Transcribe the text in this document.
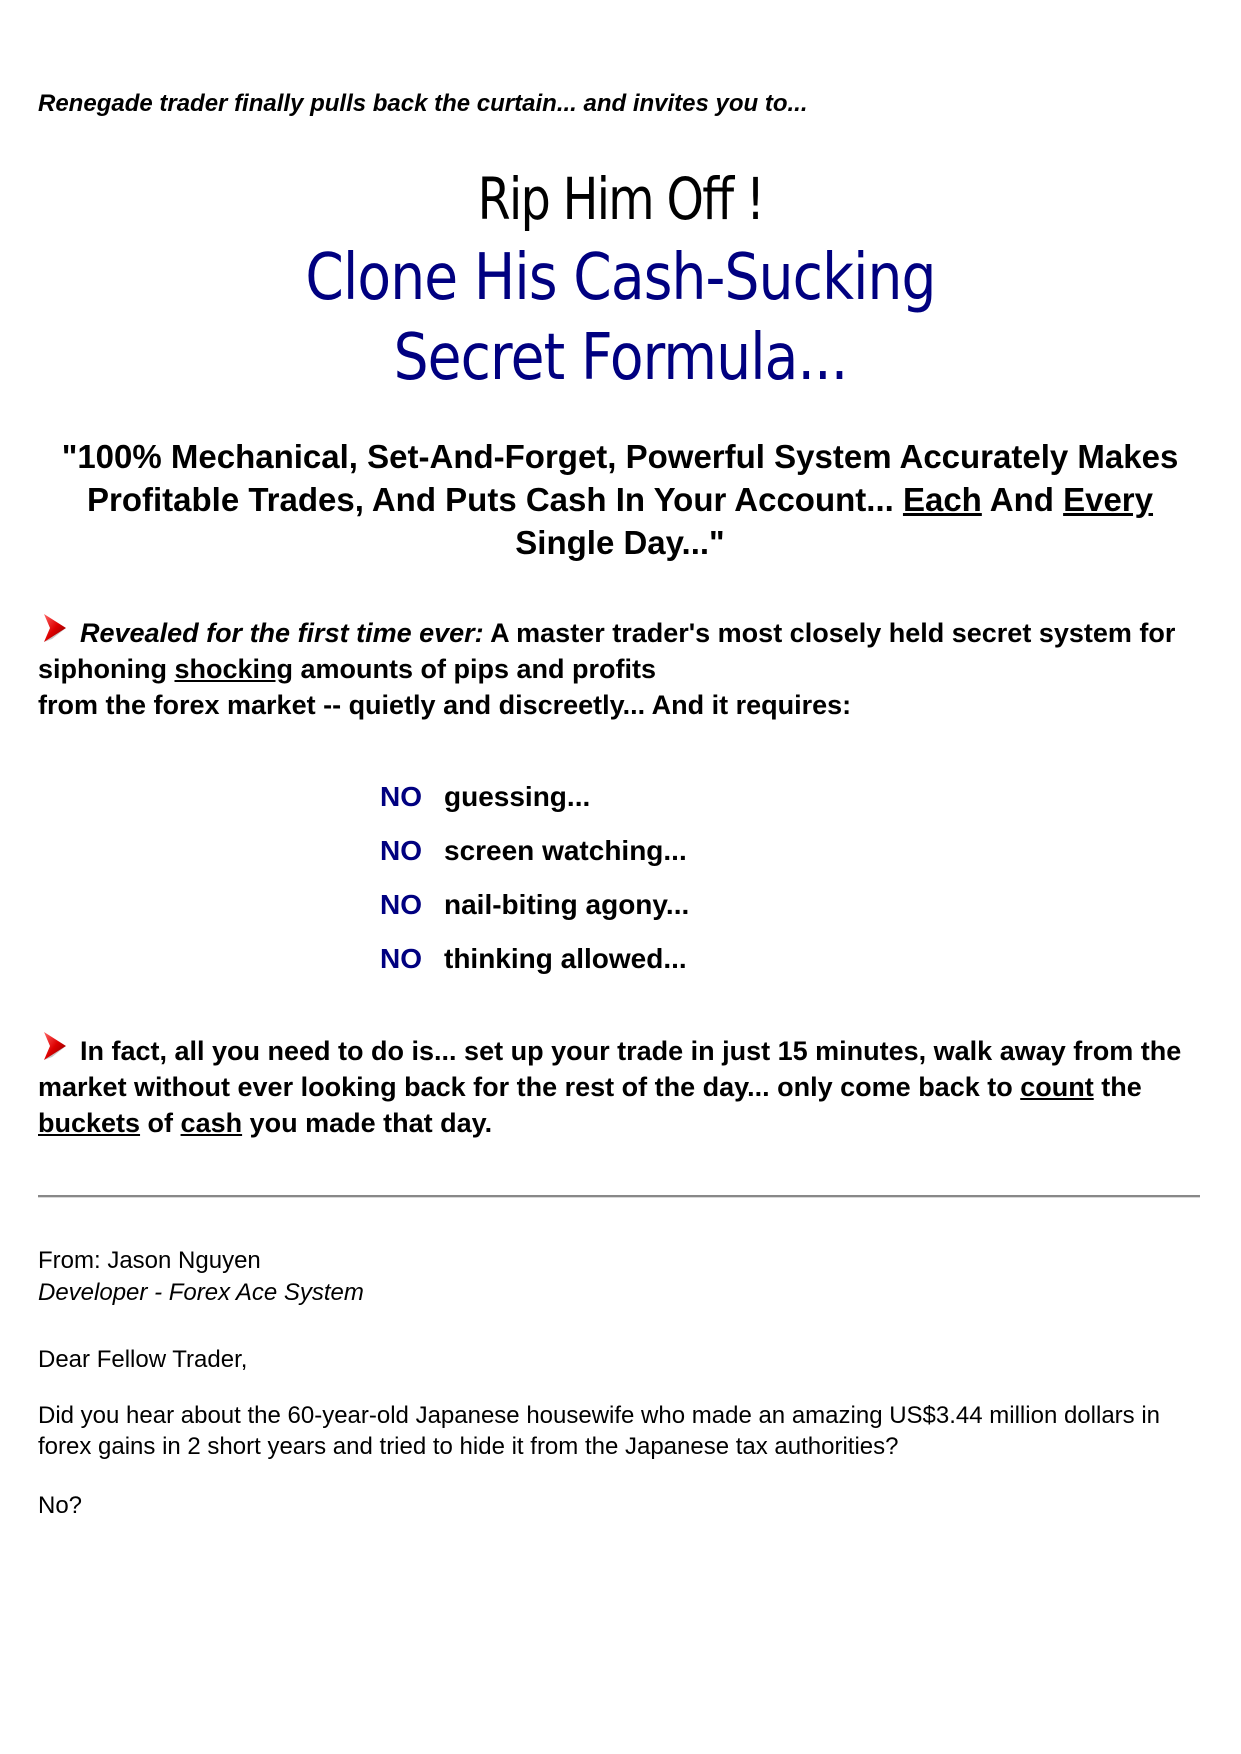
Renegade trader finally pulls back the curtain... and invites you to...
Rip Him Off !
Clone His Cash-Sucking
Secret Formula...
"100% Mechanical, Set-And-Forget, Powerful System Accurately Makes Profitable Trades, And Puts Cash In Your Account... Each And Every Single Day..."
Revealed for the first time ever: A master trader's most closely held secret system for siphoning shocking amounts of pips and profits
from the forex market -- quietly and discreetly... And it requires:
NO guessing...
NO screen watching...
NO nail-biting agony...
NO thinking allowed...
In fact, all you need to do is... set up your trade in just 15 minutes, walk away from the market without ever looking back for the rest of the day... only come back to count the buckets of cash you made that day.
From: Jason Nguyen
Developer - Forex Ace System
Dear Fellow Trader,
Did you hear about the 60-year-old Japanese housewife who made an amazing US$3.44 million dollars in forex gains in 2 short years and tried to hide it from the Japanese tax authorities?
No?
